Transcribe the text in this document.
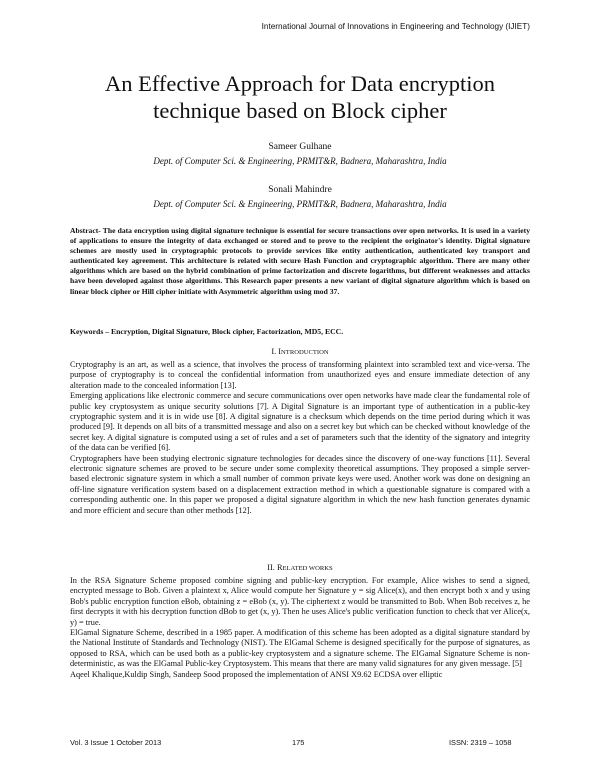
International Journal of Innovations in Engineering and Technology (IJIET)
An Effective Approach for Data encryption
technique based on Block cipher
Sameer Gulhane
Dept. of Computer Sci. & Engineering, PRMIT&R, Badnera, Maharashtra, India
Sonali Mahindre
Dept. of Computer Sci. & Engineering, PRMIT&R, Badnera, Maharashtra, India
Abstract- The data encryption using digital signature technique is essential for secure transactions over open networks. It is used in a variety of applications to ensure the integrity of data exchanged or stored and to prove to the recipient the originator's identity. Digital signature schemes are mostly used in cryptographic protocols to provide services like entity authentication, authenticated key transport and authenticated key agreement. This architecture is related with secure Hash Function and cryptographic algorithm. There are many other algorithms which are based on the hybrid combination of prime factorization and discrete logarithms, but different weaknesses and attacks have been developed against those algorithms. This Research paper presents a new variant of digital signature algorithm which is based on linear block cipher or Hill cipher initiate with Asymmetric algorithm using mod 37.
Keywords – Encryption, Digital Signature, Block cipher, Factorization, MD5, ECC.
I. INTRODUCTION

Cryptography is an art, as well as a science, that involves the process of transforming plaintext into scrambled text and vice-versa. The purpose of cryptography is to conceal the confidential information from unauthorized eyes and ensure immediate detection of any alteration made to the concealed information [13].

Emerging applications like electronic commerce and secure communications over open networks have made clear the fundamental role of public key cryptosystem as unique security solutions [7]. A Digital Signature is an important type of authentication in a public-key cryptographic system and it is in wide use [8]. A digital signature is a checksum which depends on the time period during which it was produced [9]. It depends on all bits of a transmitted message and also on a secret key but which can be checked without knowledge of the secret key. A digital signature is computed using a set of rules and a set of parameters such that the identity of the signatory and integrity of the data can be verified [6].

Cryptographers have been studying electronic signature technologies for decades since the discovery of one-way functions [11]. Several electronic signature schemes are proved to be secure under some complexity theoretical assumptions. They proposed a simple server-based electronic signature system in which a small number of common private keys were used. Another work was done on designing an off-line signature verification system based on a displacement extraction method in which a questionable signature is compared with a corresponding authentic one. In this paper we proposed a digital signature algorithm in which the new hash function generates dynamic and more efficient and secure than other methods [12].

II. RELATED WORKS

In the RSA Signature Scheme proposed combine signing and public-key encryption. For example, Alice wishes to send a signed, encrypted message to Bob. Given a plaintext x, Alice would compute her Signature y = sig Alice(x), and then encrypt both x and y using Bob's public encryption function eBob, obtaining z = eBob (x, y). The ciphertext z would be transmitted to Bob. When Bob receives z, he first decrypts it with his decryption function dBob to get (x, y). Then he uses Alice's public verification function to check that ver Alice(x, y) = true.

ElGamal Signature Scheme, described in a 1985 paper. A modification of this scheme has been adopted as a digital signature standard by the National Institute of Standards and Technology (NIST). The ElGamal Scheme is designed specifically for the purpose of signatures, as opposed to RSA, which can be used both as a public-key cryptosystem and a signature scheme. The ElGamal Signature Scheme is non-deterministic, as was the ElGamal Public-key Cryptosystem. This means that there are many valid signatures for any given message. [5]

Aqeel Khalique,Kuldip Singh, Sandeep Sood proposed the implementation of ANSI X9.62 ECDSA over elliptic

Vol. 3 Issue 1 October 2013	175	ISSN: 2319 – 1058
